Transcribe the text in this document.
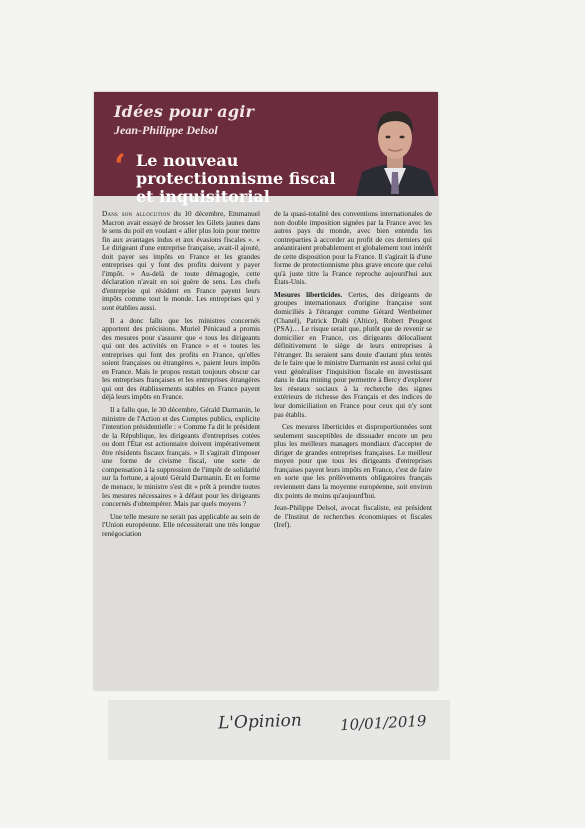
Idées pour agir
Jean-Philippe Delsol
‘ Le nouveau protectionnisme fiscal et inquisitorial

Dans son allocution du 10 décembre, Emmanuel Macron avait essayé de brosser les Gilets jaunes dans le sens du poil en voulant « aller plus loin pour mettre fin aux avantages indus et aux évasions fiscales ». « Le dirigeant d'une entreprise française, avait-il ajouté, doit payer ses impôts en France et les grandes entreprises qui y font des profits doivent y payer l'impôt. » Au-delà de toute démagogie, cette déclaration n'avait en soi guère de sens. Les chefs d'entreprise qui résident en France payent leurs impôts comme tout le monde. Les entreprises qui y sont établies aussi.

Il a donc fallu que les ministres concernés apportent des précisions. Muriel Pénicaud a promis des mesures pour s'assurer que « tous les dirigeants qui ont des activités en France » et « toutes les entreprises qui font des profits en France, qu'elles soient françaises ou étrangères », paient leurs impôts en France. Mais le propos restait toujours obscur car les entreprises françaises et les entreprises étrangères qui ont des établissements stables en France payent déjà leurs impôts en France.

Il a fallu que, le 30 décembre, Gérald Darmanin, le ministre de l'Action et des Comptes publics, explicite l'intention présidentielle : « Comme l'a dit le président de la République, les dirigeants d'entreprises cotées ou dont l'État est actionnaire doivent impérativement être résidents fiscaux français. » Il s'agirait d'imposer une forme de civisme fiscal, une sorte de compensation à la suppression de l'impôt de solidarité sur la fortune, a ajouté Gérald Darmanin. Et en forme de menace, le ministre s'est dit « prêt à prendre toutes les mesures nécessaires » à défaut pour les dirigeants concernés d'obtempérer. Mais par quels moyens ?

Une telle mesure ne serait pas applicable au sein de l'Union européenne. Elle nécessiterait une très longue renégociation

de la quasi-totalité des conventions internationales de non double imposition signées par la France avec les autres pays du monde, avec bien entendu les contreparties à accorder au profit de ces derniers qui anéantiraient probablement et globalement tout intérêt de cette disposition pour la France. Il s'agirait là d'une forme de protectionnisme plus grave encore que celui qu'à juste titre la France reproche aujourd'hui aux États-Unis.

Mesures liberticides. Certes, des dirigeants de groupes internationaux d'origine française sont domiciliés à l'étranger comme Gérard Wertheimer (Chanel), Patrick Drahi (Altice), Robert Peugeot (PSA)… Le risque serait que, plutôt que de revenir se domicilier en France, ces dirigeants délocalisent définitivement le siège de leurs entreprises à l'étranger. Ils seraient sans doute d'autant plus tentés de le faire que le ministre Darmanin est aussi celui qui veut généraliser l'inquisition fiscale en investissant dans le data mining pour permettre à Bercy d'explorer les réseaux sociaux à la recherche des signes extérieurs de richesse des Français et des indices de leur domiciliation en France pour ceux qui n'y sont pas établis.

Ces mesures liberticides et disproportionnées sont seulement susceptibles de dissuader encore un peu plus les meilleurs managers mondiaux d'accepter de diriger de grandes entreprises françaises. Le meilleur moyen pour que tous les dirigeants d'entreprises françaises payent leurs impôts en France, c'est de faire en sorte que les prélèvements obligatoires français reviennent dans la moyenne européenne, soit environ dix points de moins qu'aujourd'hui.

Jean-Philippe Delsol, avocat fiscaliste, est président de l'Institut de recherches économiques et fiscales (Iref).

L'Opinion 10/01/2019
